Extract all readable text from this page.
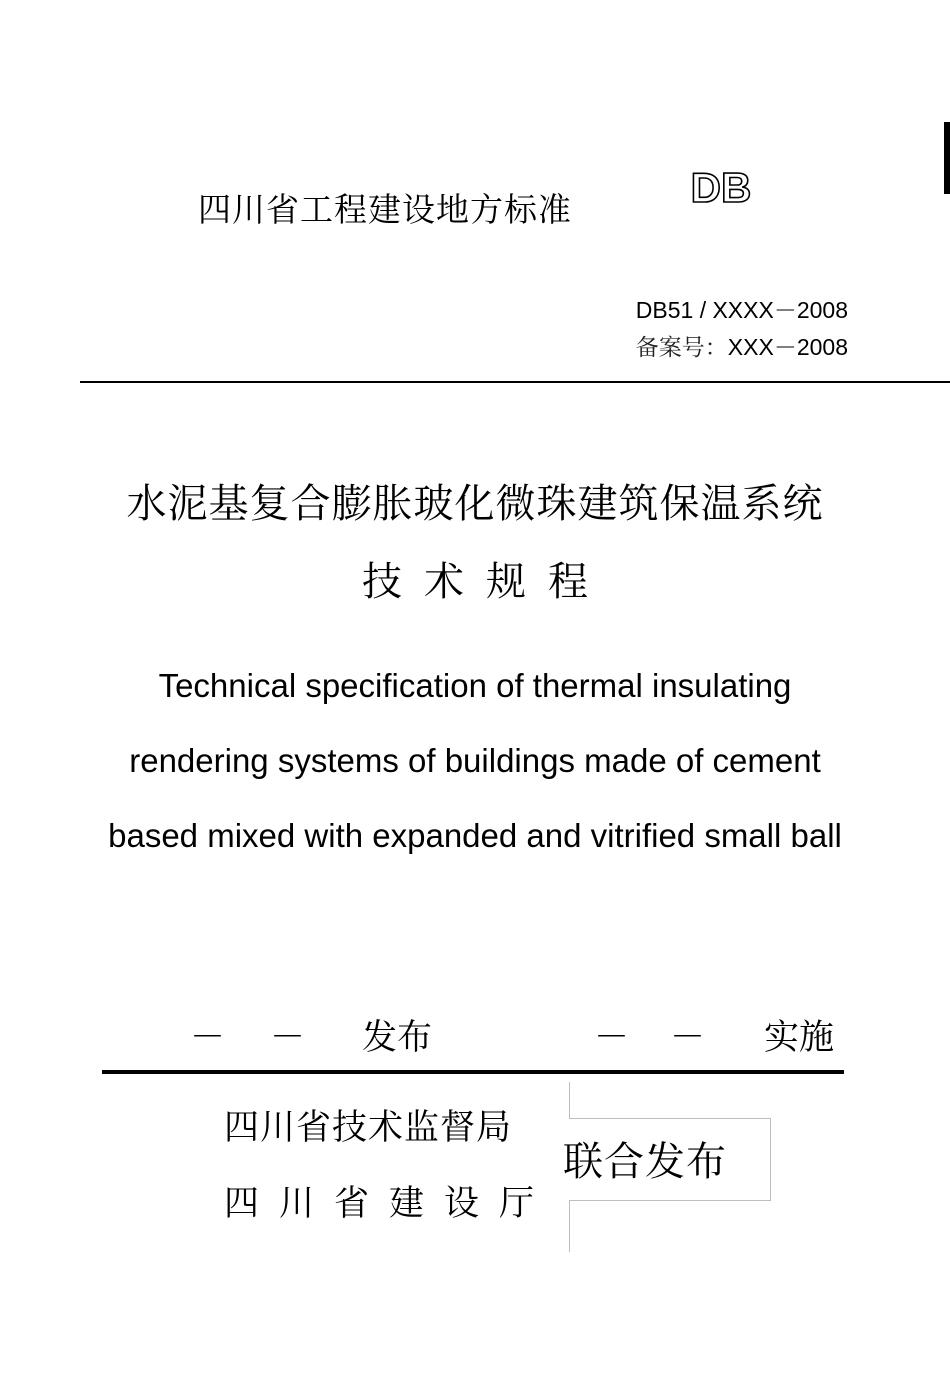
四川省工程建设地方标准	DB
DB51 / XXXX－2008
备案号：XXX－2008
水泥基复合膨胀玻化微珠建筑保温系统
技术规程
Technical specification of thermal insulating
rendering systems of buildings made of cement
based mixed with expanded and vitrified small ball
－ － 发布	－ － 实施
四川省技术监督局
四川省建设厅
联合发布
